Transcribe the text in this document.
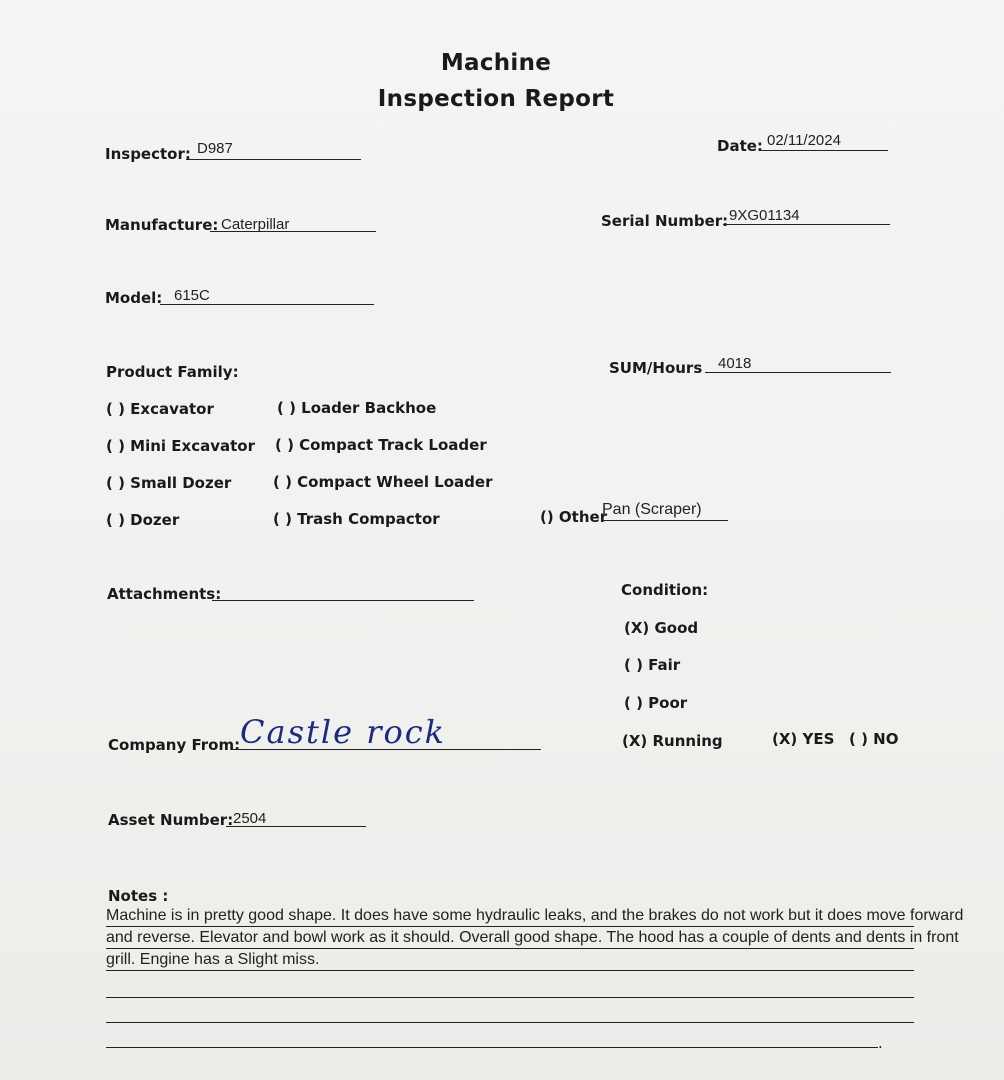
Machine
Inspection Report
Inspector: D987	Date: 02/11/2024
Manufacture: Caterpillar	Serial Number: 9XG01134
Model: 615C
SUM/Hours 4018
Product Family:
( ) Excavator
( ) Mini Excavator
( ) Small Dozer
( ) Dozer
( ) Loader Backhoe
( ) Compact Track Loader
( ) Compact Wheel Loader
( ) Trash Compactor	() Other
Pan (Scraper)
Attachments:	Condition:
(X) Good
( ) Fair
( ) Poor
(X) Running	(X) YES ( ) NO
Company From: Castle rock
Asset Number: 2504
Notes :
.
Machine is in pretty good shape. It does have some hydraulic leaks, and the brakes do not work but it does move forward and reverse. Elevator and bowl work as it should. Overall good shape. The hood has a couple of dents and dents in front grill. Engine has a Slight miss.
